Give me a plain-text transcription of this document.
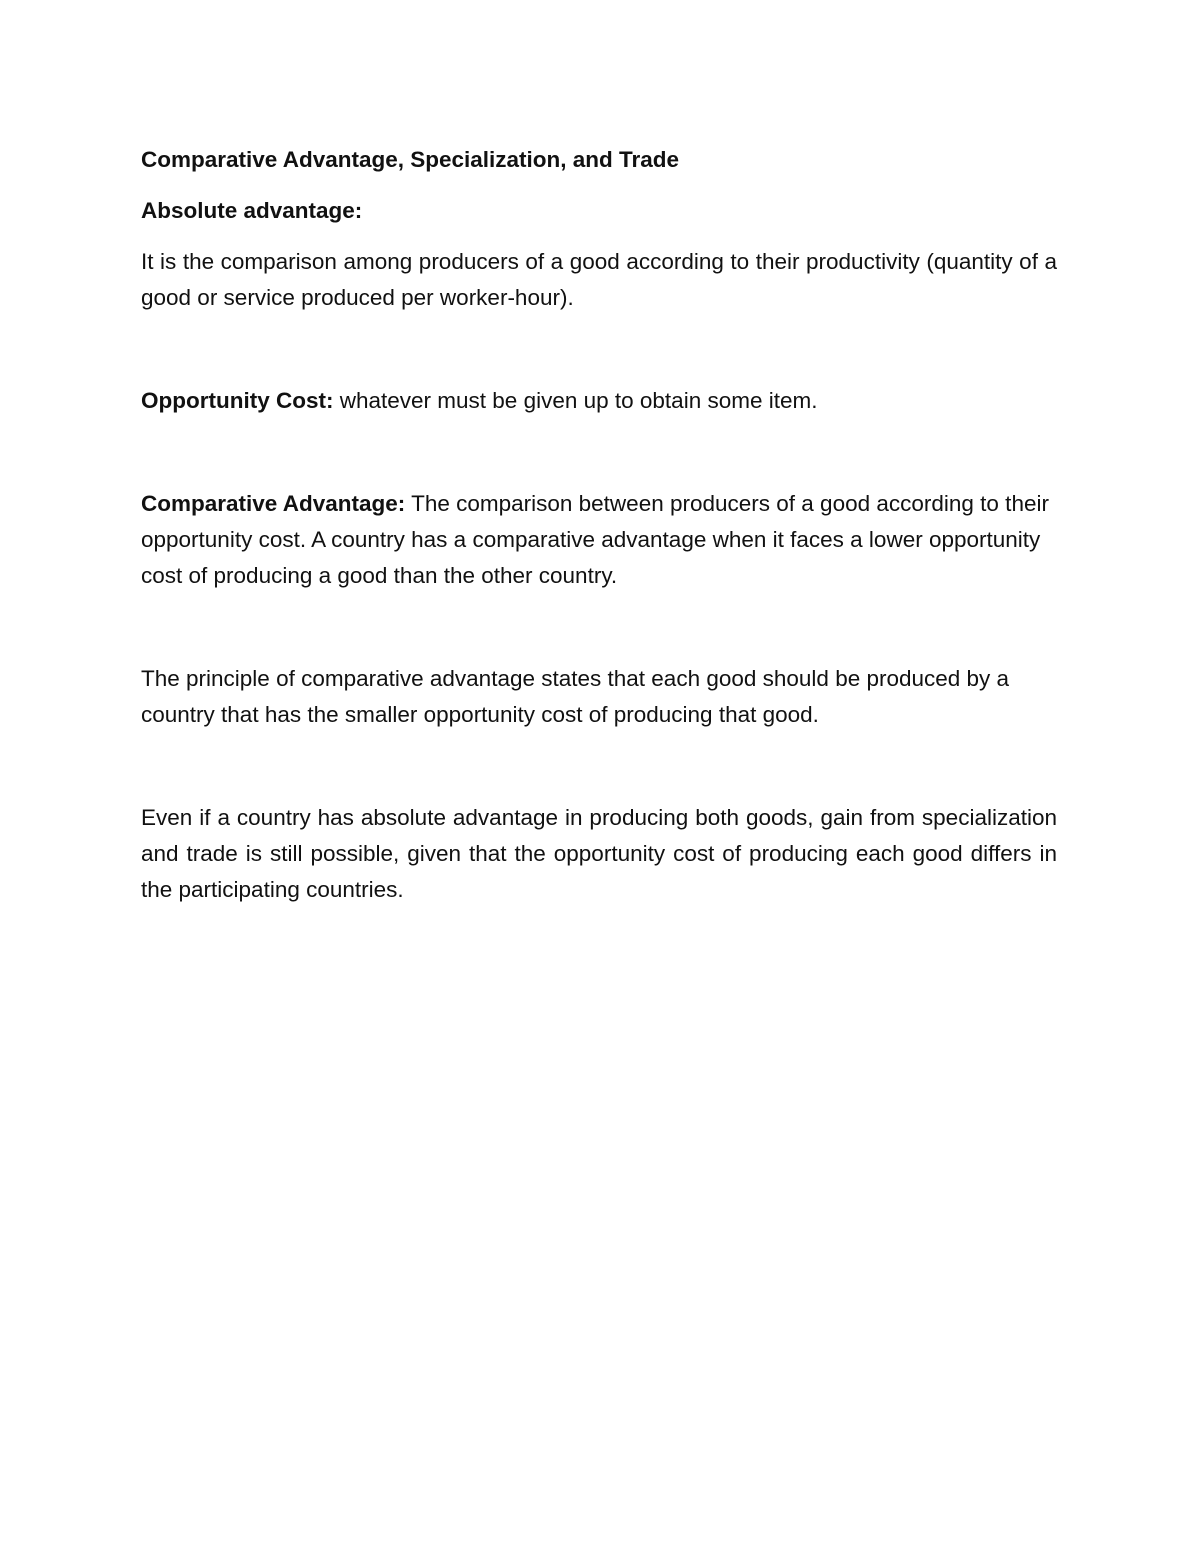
Comparative Advantage, Specialization, and Trade

Absolute advantage:

It is the comparison among producers of a good according to their productivity (quantity of a good or service produced per worker-hour).

Opportunity Cost: whatever must be given up to obtain some item.

Comparative Advantage: The comparison between producers of a good according to their opportunity cost. A country has a comparative advantage when it faces a lower opportunity cost of producing a good than the other country.

The principle of comparative advantage states that each good should be produced by a country that has the smaller opportunity cost of producing that good.

Even if a country has absolute advantage in producing both goods, gain from specialization and trade is still possible, given that the opportunity cost of producing each good differs in the participating countries.
